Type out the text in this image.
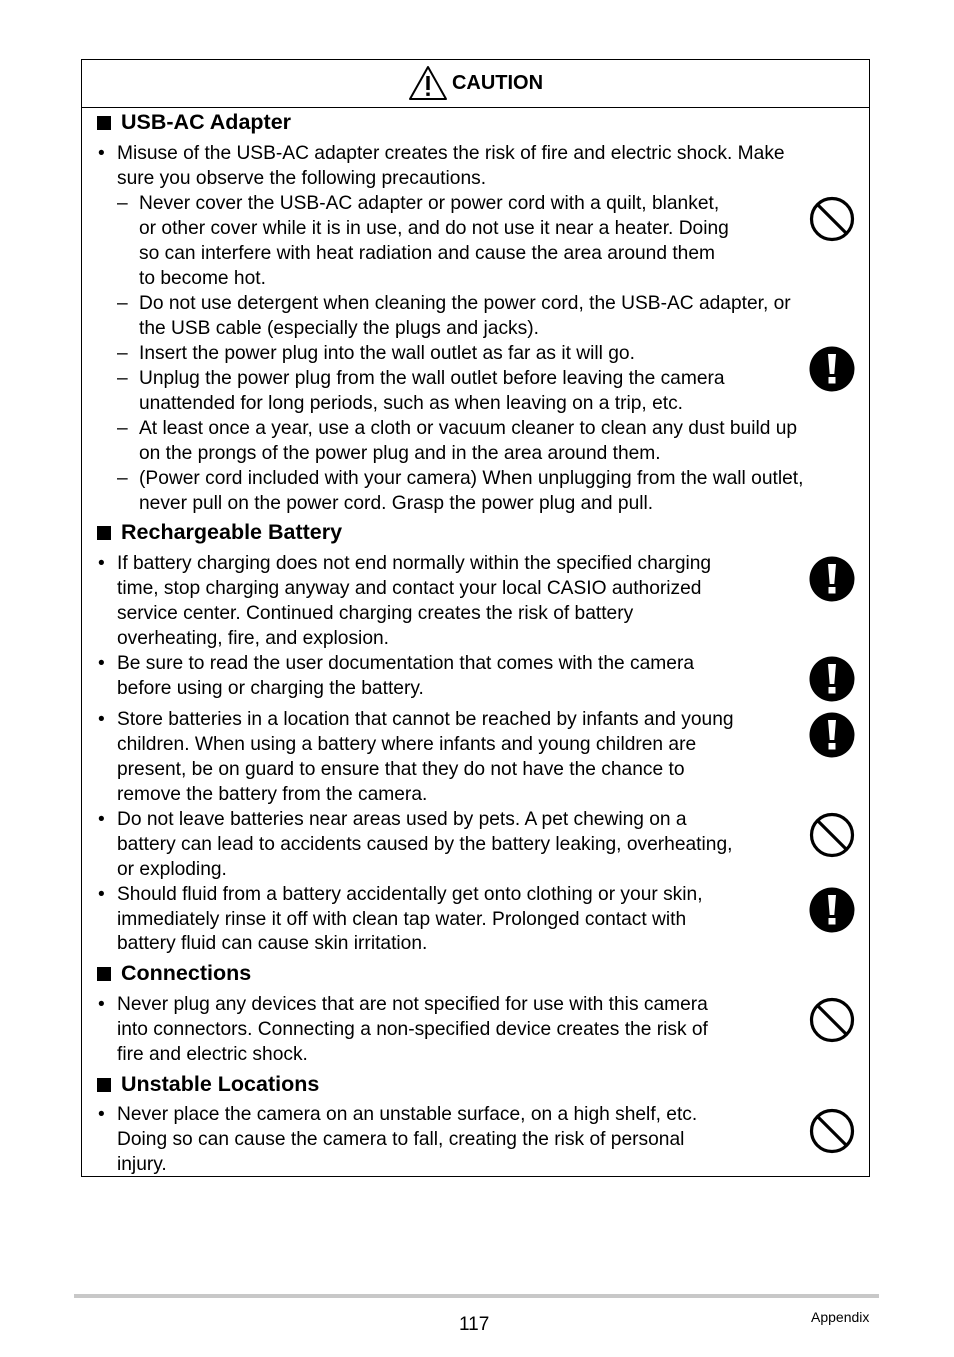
CAUTION
USB-AC Adapter
• Misuse of the USB-AC adapter creates the risk of fire and electric shock. Make
sure you observe the following precautions.
– Never cover the USB-AC adapter or power cord with a quilt, blanket,
or other cover while it is in use, and do not use it near a heater. Doing
so can interfere with heat radiation and cause the area around them
to become hot.
– Do not use detergent when cleaning the power cord, the USB-AC adapter, or
the USB cable (especially the plugs and jacks).
– Insert the power plug into the wall outlet as far as it will go.
– Unplug the power plug from the wall outlet before leaving the camera
unattended for long periods, such as when leaving on a trip, etc.
– At least once a year, use a cloth or vacuum cleaner to clean any dust build up
on the prongs of the power plug and in the area around them.
– (Power cord included with your camera) When unplugging from the wall outlet,
never pull on the power cord. Grasp the power plug and pull.
Rechargeable Battery
• If battery charging does not end normally within the specified charging
time, stop charging anyway and contact your local CASIO authorized
service center. Continued charging creates the risk of battery
overheating, fire, and explosion.
• Be sure to read the user documentation that comes with the camera
before using or charging the battery.
• Store batteries in a location that cannot be reached by infants and young
children. When using a battery where infants and young children are
present, be on guard to ensure that they do not have the chance to
remove the battery from the camera.
• Do not leave batteries near areas used by pets. A pet chewing on a
battery can lead to accidents caused by the battery leaking, overheating,
or exploding.
• Should fluid from a battery accidentally get onto clothing or your skin,
immediately rinse it off with clean tap water. Prolonged contact with
battery fluid can cause skin irritation.
Connections
• Never plug any devices that are not specified for use with this camera
into connectors. Connecting a non-specified device creates the risk of
fire and electric shock.
Unstable Locations
• Never place the camera on an unstable surface, on a high shelf, etc.
Doing so can cause the camera to fall, creating the risk of personal
injury.
117	Appendix
